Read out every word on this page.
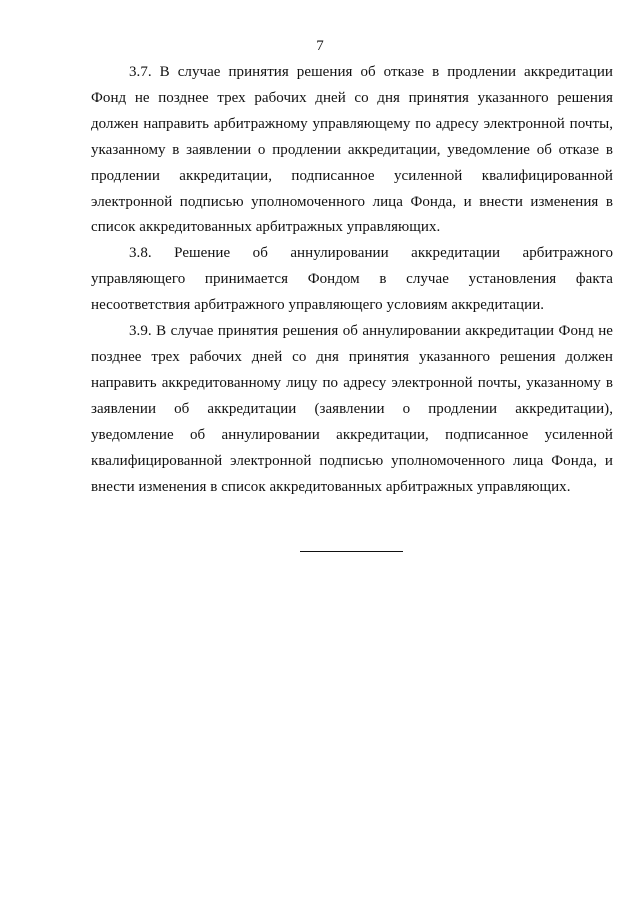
7

3.7. В случае принятия решения об отказе в продлении аккредитации Фонд не позднее трех рабочих дней со дня принятия указанного решения должен направить арбитражному управляющему по адресу электронной почты, указанному в заявлении о продлении аккредитации, уведомление об отказе в продлении аккредитации, подписанное усиленной квалифицированной электронной подписью уполномоченного лица Фонда, и внести изменения в список аккредитованных арбитражных управляющих.

3.8. Решение об аннулировании аккредитации арбитражного управляющего принимается Фондом в случае установления факта несоответствия арбитражного управляющего условиям аккредитации.

3.9. В случае принятия решения об аннулировании аккредитации Фонд не позднее трех рабочих дней со дня принятия указанного решения должен направить аккредитованному лицу по адресу электронной почты, указанному в заявлении об аккредитации (заявлении о продлении аккредитации), уведомление об аннулировании аккредитации, подписанное усиленной квалифицированной электронной подписью уполномоченного лица Фонда, и внести изменения в список аккредитованных арбитражных управляющих.
